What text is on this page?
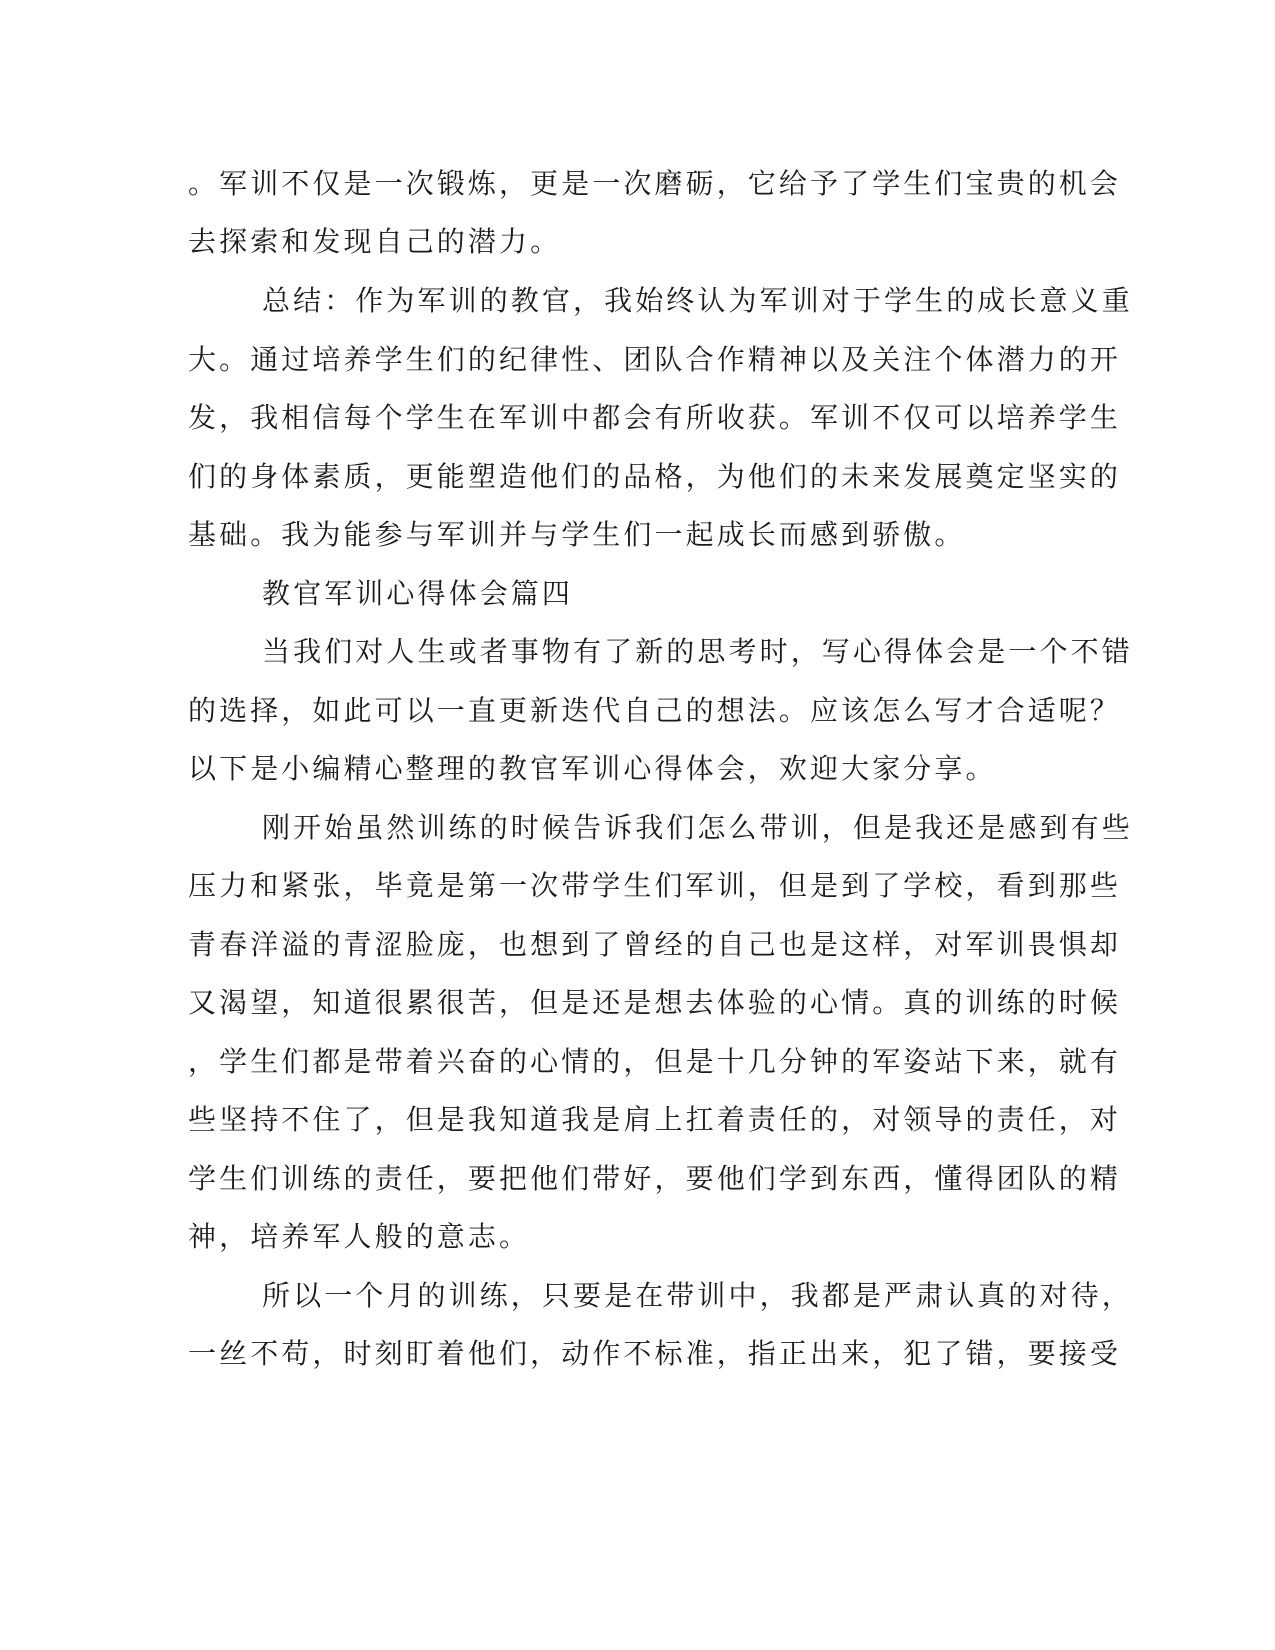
。军训不仅是一次锻炼，更是一次磨砺，它给予了学生们宝贵的机会
去探索和发现自己的潜力。
总结：作为军训的教官，我始终认为军训对于学生的成长意义重
大。通过培养学生们的纪律性、团队合作精神以及关注个体潜力的开
发，我相信每个学生在军训中都会有所收获。军训不仅可以培养学生
们的身体素质，更能塑造他们的品格，为他们的未来发展奠定坚实的
基础。我为能参与军训并与学生们一起成长而感到骄傲。
教官军训心得体会篇四
当我们对人生或者事物有了新的思考时，写心得体会是一个不错
的选择，如此可以一直更新迭代自己的想法。应该怎么写才合适呢？
以下是小编精心整理的教官军训心得体会，欢迎大家分享。
刚开始虽然训练的时候告诉我们怎么带训，但是我还是感到有些
压力和紧张，毕竟是第一次带学生们军训，但是到了学校，看到那些
青春洋溢的青涩脸庞，也想到了曾经的自己也是这样，对军训畏惧却
又渴望，知道很累很苦，但是还是想去体验的心情。真的训练的时候
，学生们都是带着兴奋的心情的，但是十几分钟的军姿站下来，就有
些坚持不住了，但是我知道我是肩上扛着责任的，对领导的责任，对
学生们训练的责任，要把他们带好，要他们学到东西，懂得团队的精
神，培养军人般的意志。
所以一个月的训练，只要是在带训中，我都是严肃认真的对待，
一丝不苟，时刻盯着他们，动作不标准，指正出来，犯了错，要接受
